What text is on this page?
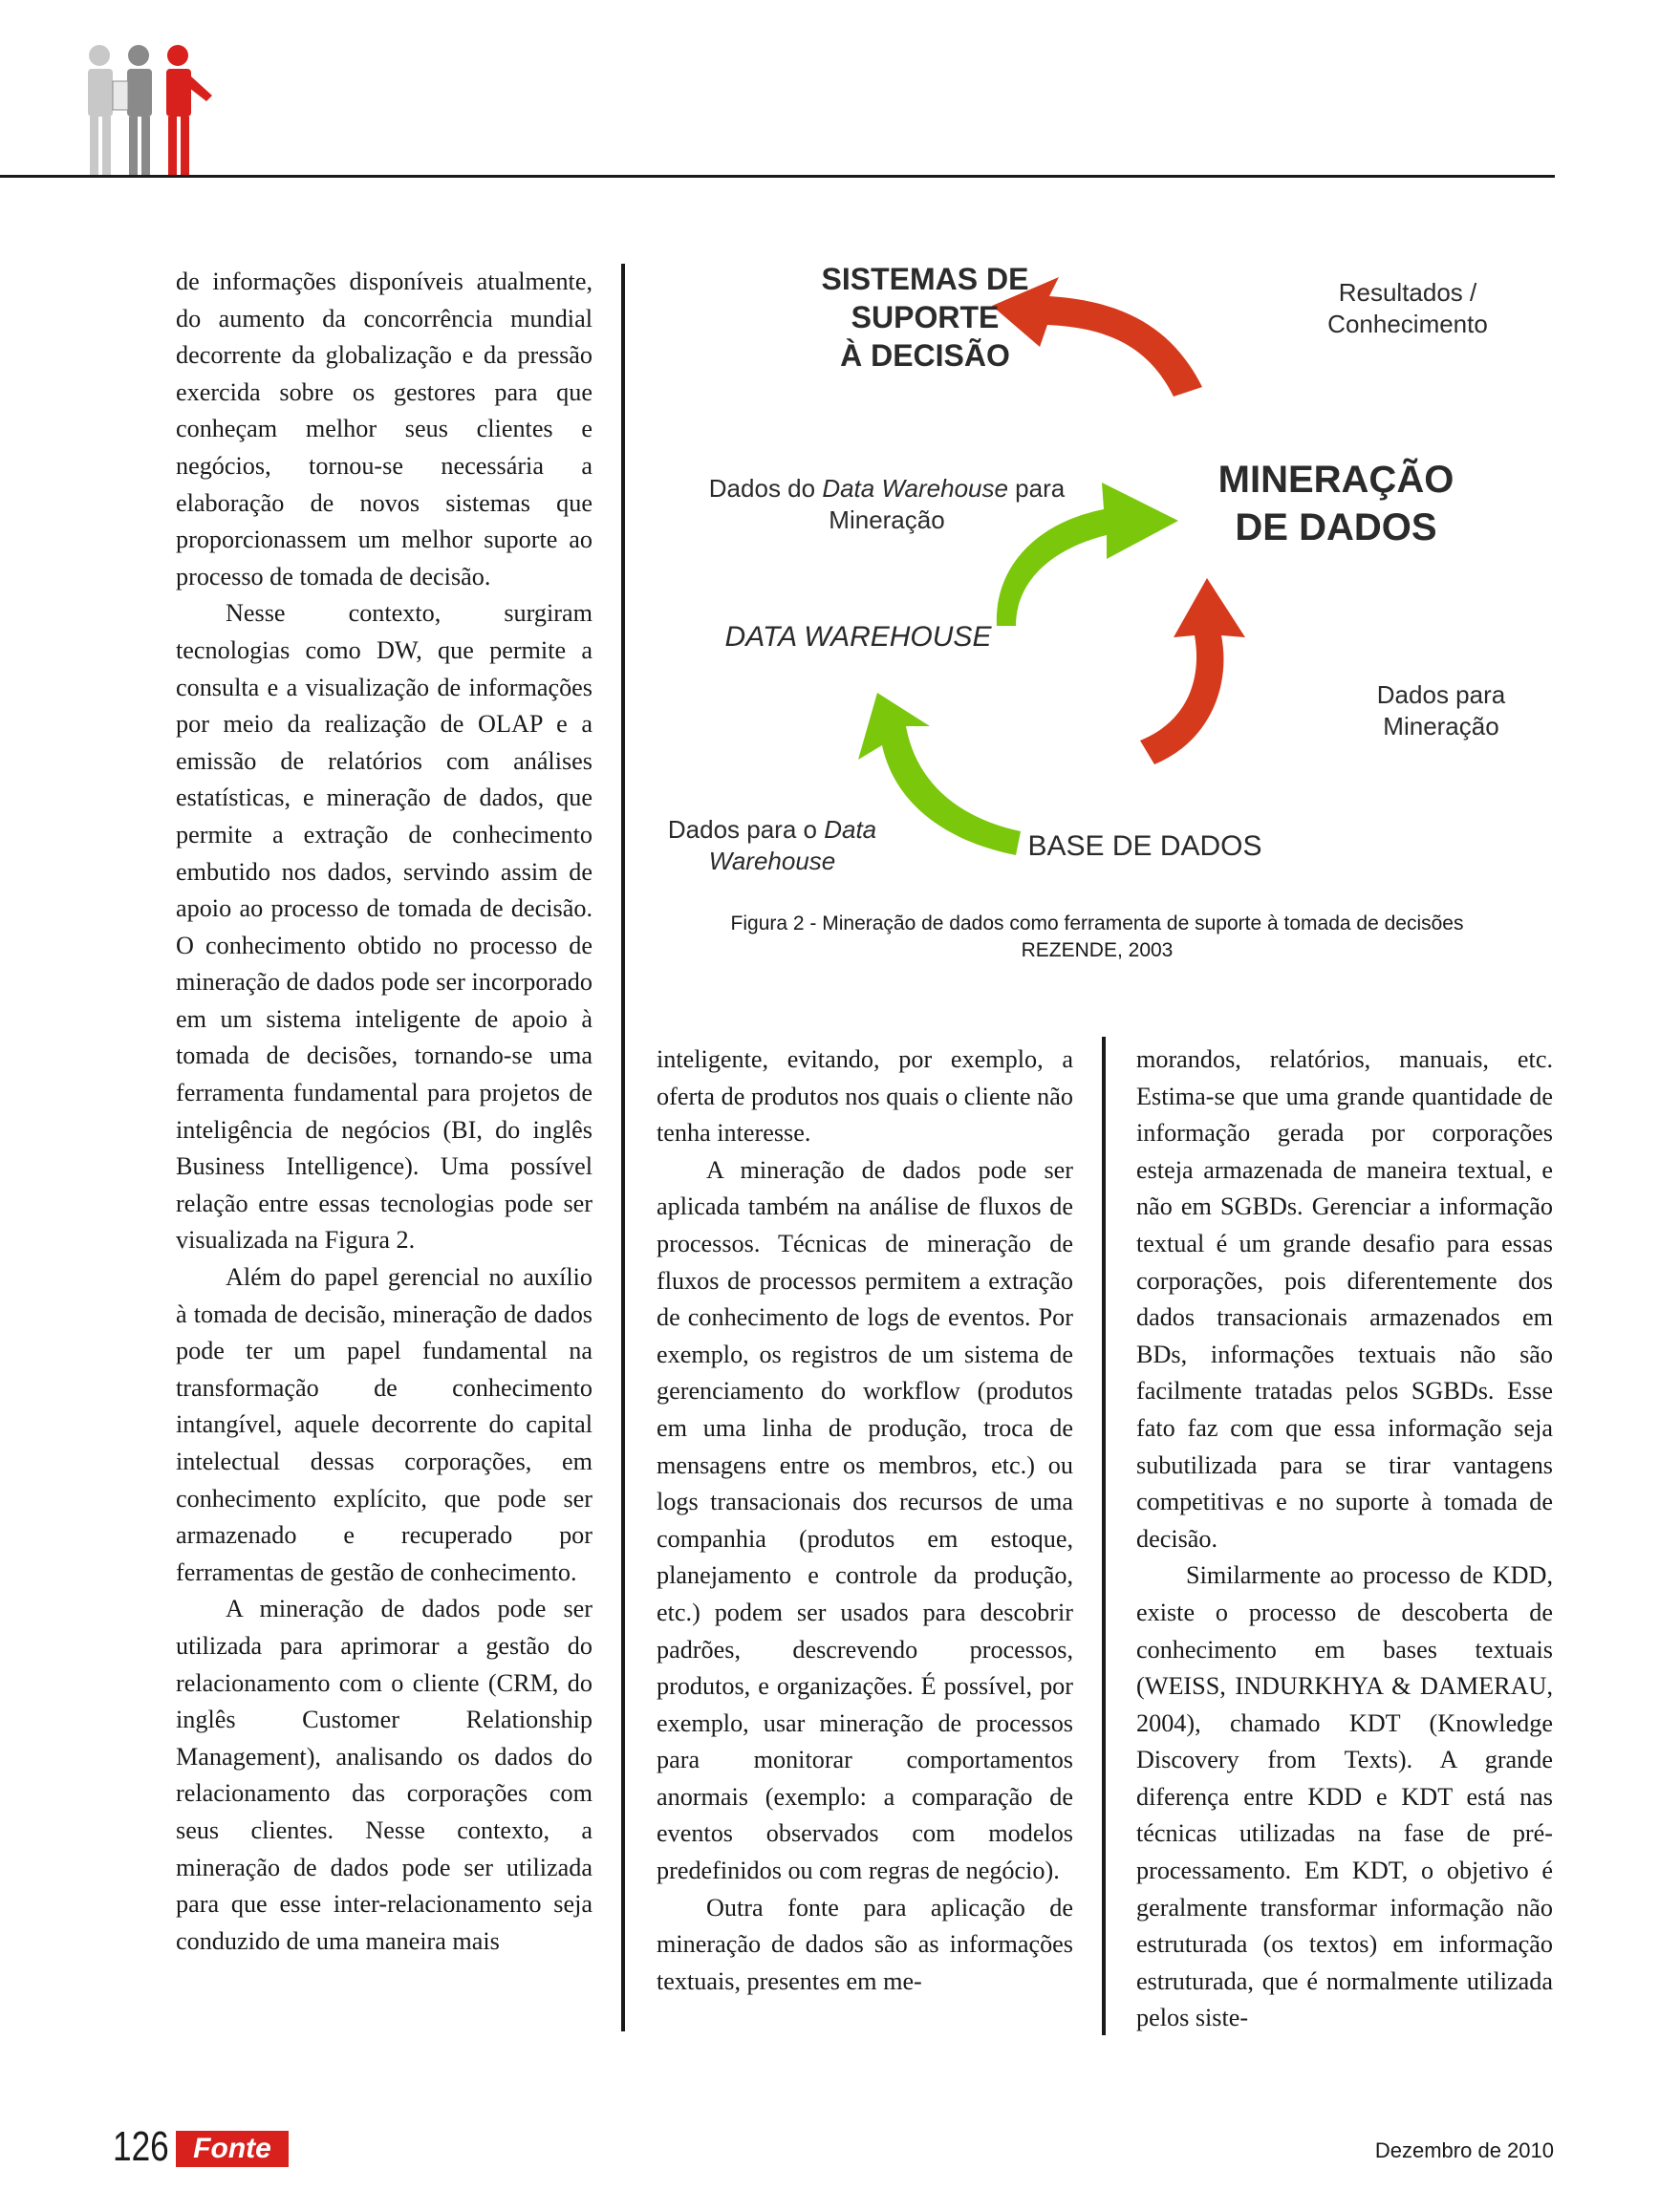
de informações disponíveis atualmente, do aumento da concorrência mundial decorrente da globalização e da pressão exercida sobre os gestores para que conheçam melhor seus clientes e negócios, tornou-se necessária a elaboração de novos sistemas que proporcionassem um melhor suporte ao processo de tomada de decisão.

Nesse contexto, surgiram tecnologias como DW, que permite a consulta e a visualização de informações por meio da realização de OLAP e a emissão de relatórios com análises estatísticas, e mineração de dados, que permite a extração de conhecimento embutido nos dados, servindo assim de apoio ao processo de tomada de decisão. O conhecimento obtido no processo de mineração de dados pode ser incorporado em um sistema inteligente de apoio à tomada de decisões, tornando-se uma ferramenta fundamental para projetos de inteligência de negócios (BI, do inglês Business Intelligence). Uma possível relação entre essas tecnologias pode ser visualizada na Figura 2.

Além do papel gerencial no auxílio à tomada de decisão, mineração de dados pode ter um papel fundamental na transformação de conhecimento intangível, aquele decorrente do capital intelectual dessas corporações, em conhecimento explícito, que pode ser armazenado e recuperado por ferramentas de gestão de conhecimento.

A mineração de dados pode ser utilizada para aprimorar a gestão do relacionamento com o cliente (CRM, do inglês Customer Relationship Management), analisando os dados do relacionamento das corporações com seus clientes. Nesse contexto, a mineração de dados pode ser utilizada para que esse inter-relacionamento seja conduzido de uma maneira mais

SISTEMAS DE SUPORTE
À DECISÃO
Resultados /
Conhecimento
MINERAÇÃO
DE DADOS
Dados do Data Warehouse para
Mineração
DATA WAREHOUSE
Dados para
Mineração
Dados para o Data
Warehouse	BASE DE DADOS
Figura 2 - Mineração de dados como ferramenta de suporte à tomada de decisões
REZENDE, 2003

inteligente, evitando, por exemplo, a oferta de produtos nos quais o cliente não tenha interesse.

A mineração de dados pode ser aplicada também na análise de fluxos de processos. Técnicas de mineração de fluxos de processos permitem a extração de conhecimento de logs de eventos. Por exemplo, os registros de um sistema de gerenciamento do workflow (produtos em uma linha de produção, troca de mensagens entre os membros, etc.) ou logs transacionais dos recursos de uma companhia (produtos em estoque, planejamento e controle da produção, etc.) podem ser usados para descobrir padrões, descrevendo processos, produtos, e organizações. É possível, por exemplo, usar mineração de processos para monitorar comportamentos anormais (exemplo: a comparação de eventos observados com modelos predefinidos ou com regras de negócio).

Outra fonte para aplicação de mineração de dados são as informações textuais, presentes em me-

morandos, relatórios, manuais, etc. Estima-se que uma grande quantidade de informação gerada por corporações esteja armazenada de maneira textual, e não em SGBDs. Gerenciar a informação textual é um grande desafio para essas corporações, pois diferentemente dos dados transacionais armazenados em BDs, informações textuais não são facilmente tratadas pelos SGBDs. Esse fato faz com que essa informação seja subutilizada para se tirar vantagens competitivas e no suporte à tomada de decisão.

Similarmente ao processo de KDD, existe o processo de descoberta de conhecimento em bases textuais (WEISS, INDURKHYA & DAMERAU, 2004), chamado KDT (Knowledge Discovery from Texts). A grande diferença entre KDD e KDT está nas técnicas utilizadas na fase de pré-processamento. Em KDT, o objetivo é geralmente transformar informação não estruturada (os textos) em informação estruturada, que é normalmente utilizada pelos siste-

126 Fonte	Dezembro de 2010
